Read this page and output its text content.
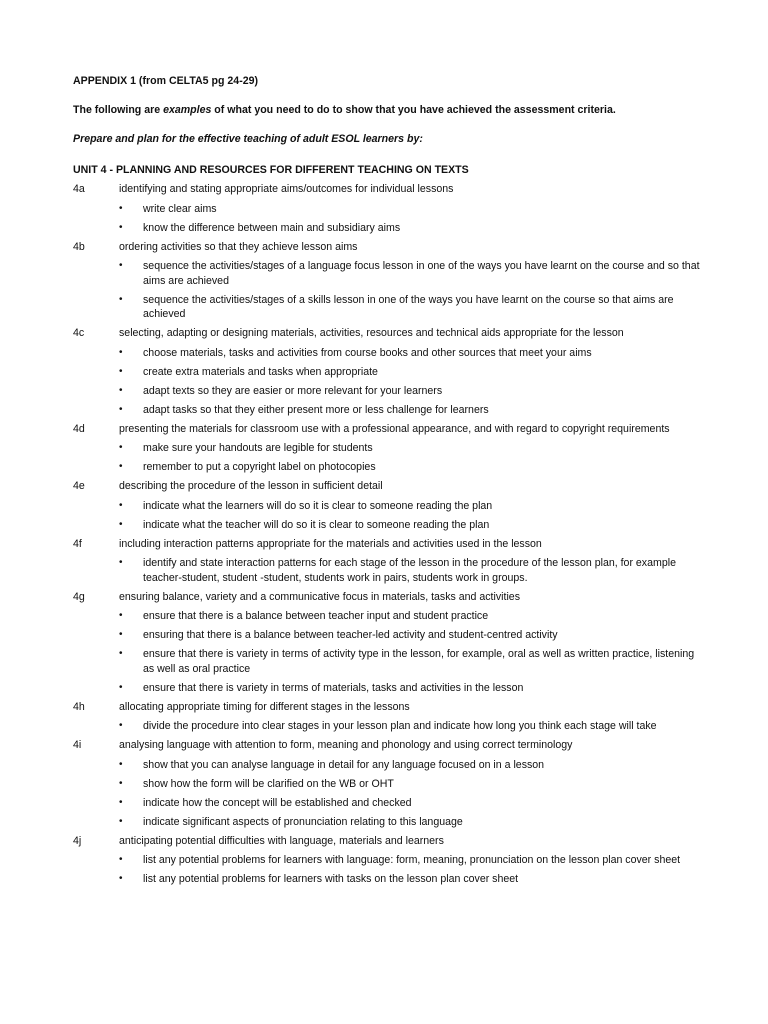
APPENDIX 1 (from CELTA5 pg 24-29)
The following are examples of what you need to do to show that you have achieved the assessment criteria.
Prepare and plan for the effective teaching of adult ESOL learners by:
UNIT 4 - PLANNING AND RESOURCES FOR DIFFERENT TEACHING ON TEXTS
4a	identifying and stating appropriate aims/outcomes for individual lessons
•	write clear aims
•	know the difference between main and subsidiary aims
4b	ordering activities so that they achieve lesson aims
•	sequence the activities/stages of a language focus lesson in one of the ways you have learnt on the course and so that aims are achieved
•	sequence the activities/stages of a skills lesson in one of the ways you have learnt on the course so that aims are achieved
4c	selecting, adapting or designing materials, activities, resources and technical aids appropriate for the lesson
•	choose materials, tasks and activities from course books and other sources that meet your aims
•	create extra materials and tasks when appropriate
•	adapt texts so they are easier or more relevant for your learners
•	adapt tasks so that they either present more or less challenge for learners
4d	presenting the materials for classroom use with a professional appearance, and with regard to copyright requirements
•	make sure your handouts are legible for students
•	remember to put a copyright label on photocopies
4e	describing the procedure of the lesson in sufficient detail
•	indicate what the learners will do so it is clear to someone reading the plan
•	indicate what the teacher will do so it is clear to someone reading the plan
4f	including interaction patterns appropriate for the materials and activities used in the lesson
•	identify and state interaction patterns for each stage of the lesson in the procedure of the lesson plan, for example teacher-student, student -student, students work in pairs, students work in groups.
4g	ensuring balance, variety and a communicative focus in materials, tasks and activities
•	ensure that there is a balance between teacher input and student practice
•	ensuring that there is a balance between teacher-led activity and student-centred activity
•	ensure that there is variety in terms of activity type in the lesson, for example, oral as well as written practice, listening as well as oral practice
•	ensure that there is variety in terms of materials, tasks and activities in the lesson
4h	allocating appropriate timing for different stages in the lessons
•	divide the procedure into clear stages in your lesson plan and indicate how long you think each stage will take
4i	analysing language with attention to form, meaning and phonology and using correct terminology
•	show that you can analyse language in detail for any language focused on in a lesson
•	show how the form will be clarified on the WB or OHT
•	indicate how the concept will be established and checked
•	indicate significant aspects of pronunciation relating to this language
4j	anticipating potential difficulties with language, materials and learners
•	list any potential problems for learners with language: form, meaning, pronunciation on the lesson plan cover sheet
•	list any potential problems for learners with tasks on the lesson plan cover sheet
